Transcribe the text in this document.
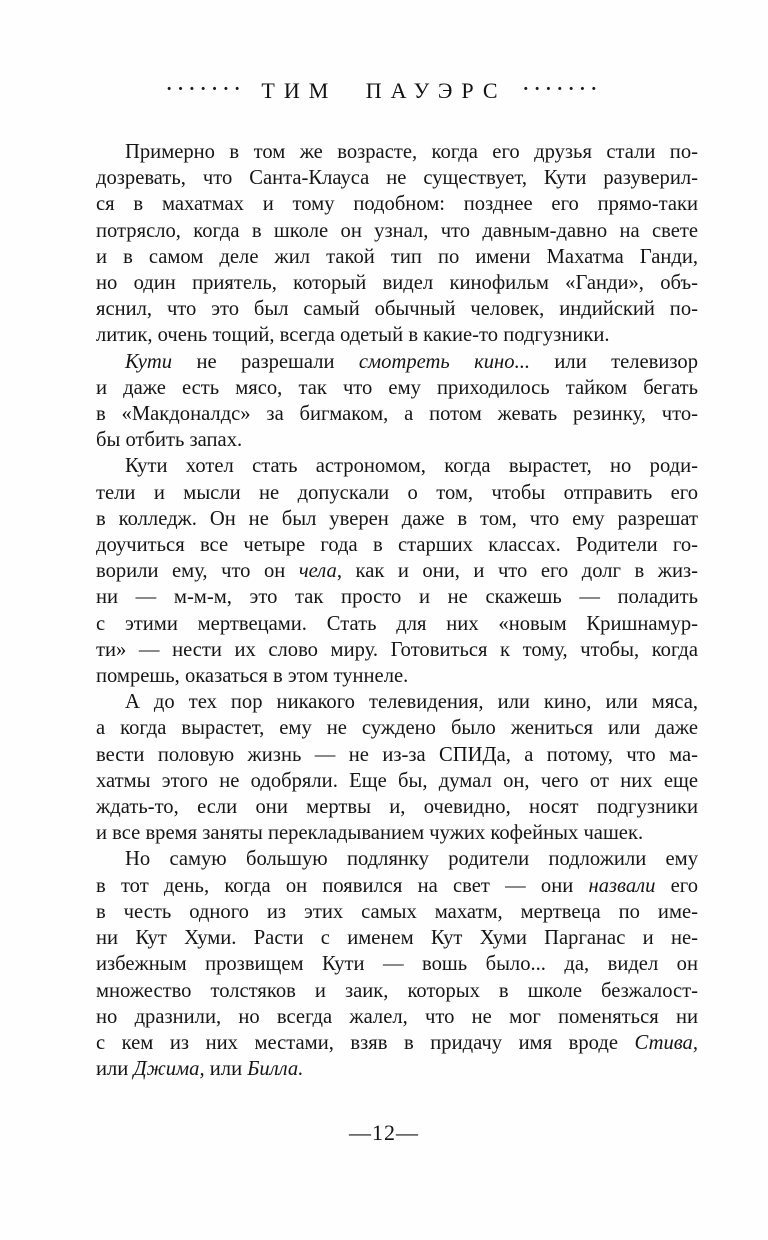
······· ТИМ ПАУЭРС ·······
Примерно в том же возрасте, когда его друзья стали по-
дозревать, что Санта-Клауса не существует, Кути разуверил-
ся в махатмах и тому подобном: позднее его прямо-таки
потрясло, когда в школе он узнал, что давным-давно на свете
и в самом деле жил такой тип по имени Махатма Ганди,
но один приятель, который видел кинофильм «Ганди», объ-
яснил, что это был самый обычный человек, индийский по-
литик, очень тощий, всегда одетый в какие-то подгузники.
Кути не разрешали смотреть кино... или телевизор
и даже есть мясо, так что ему приходилось тайком бегать
в «Макдоналдс» за бигмаком, а потом жевать резинку, что-
бы отбить запах.
Кути хотел стать астрономом, когда вырастет, но роди-
тели и мысли не допускали о том, чтобы отправить его
в колледж. Он не был уверен даже в том, что ему разрешат
доучиться все четыре года в старших классах. Родители го-
ворили ему, что он чела, как и они, и что его долг в жиз-
ни — м-м-м, это так просто и не скажешь — поладить
с этими мертвецами. Стать для них «новым Кришнамур-
ти» — нести их слово миру. Готовиться к тому, чтобы, когда
помрешь, оказаться в этом туннеле.
А до тех пор никакого телевидения, или кино, или мяса,
а когда вырастет, ему не суждено было жениться или даже
вести половую жизнь — не из-за СПИДа, а потому, что ма-
хатмы этого не одобряли. Еще бы, думал он, чего от них еще
ждать-то, если они мертвы и, очевидно, носят подгузники
и все время заняты перекладыванием чужих кофейных чашек.
Но самую большую подлянку родители подложили ему
в тот день, когда он появился на свет — они назвали его
в честь одного из этих самых махатм, мертвеца по име-
ни Кут Хуми. Расти с именем Кут Хуми Парганас и не-
избежным прозвищем Кути — вошь было... да, видел он
множество толстяков и заик, которых в школе безжалост-
но дразнили, но всегда жалел, что не мог поменяться ни
с кем из них местами, взяв в придачу имя вроде Стива,
или Джима, или Билла.
—12—
